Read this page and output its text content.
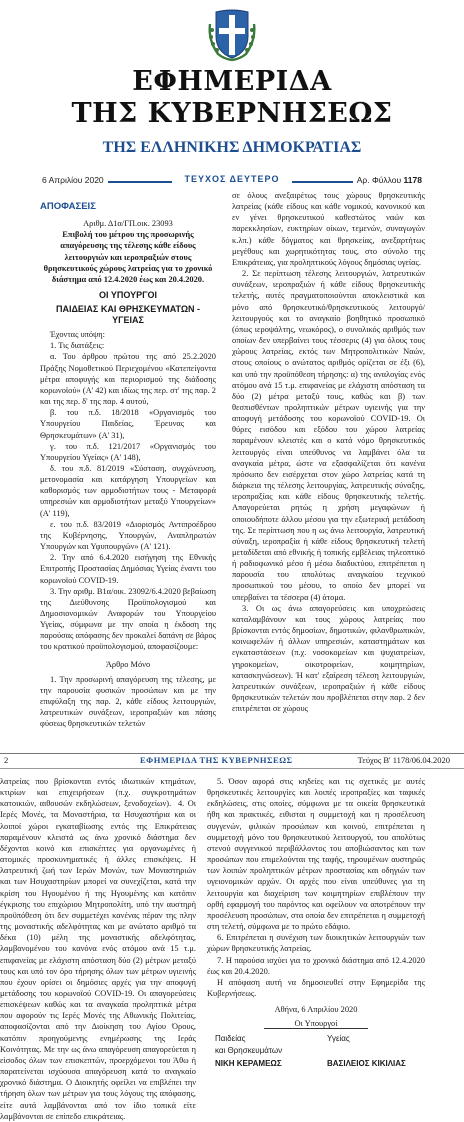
ΕΦΗΜΕΡΙΔΑ
ΤΗΣ ΚΥΒΕΡΝΗΣΕΩΣ
ΤΗΣ ΕΛΛΗΝΙΚΗΣ ΔΗΜΟΚΡΑΤΙΑΣ
6 Απριλίου 2020	ΤΕΥΧΟΣ ΔΕΥΤΕΡΟ	Αρ. Φύλλου 1178

ΑΠΟΦΑΣΕΙΣ

Αριθμ. Δ1α/ΓΠ.οικ. 23093

Επιβολή του μέτρου της προσωρινής απαγόρευσης της τέλεσης κάθε είδους λειτουργιών και ιεροπραξιών στους θρησκευτικούς χώρους λατρείας για το χρονικό διάστημα από 12.4.2020 έως και 20.4.2020.

ΟΙ ΥΠΟΥΡΓΟΙ

ΠΑΙΔΕΙΑΣ ΚΑΙ ΘΡΗΣΚΕΥΜΑΤΩΝ - ΥΓΕΙΑΣ

Έχοντας υπόψη:

1. Τις διατάξεις:

α. Του άρθρου πρώτου της από 25.2.2020 Πράξης Νομοθετικού Περιεχομένου «Κατεπείγοντα μέτρα αποφυγής και περιορισμού της διάδοσης κορωνοϊού» (Α' 42) και ιδίως της περ. στ' της παρ. 2 και της περ. δ' της παρ. 4 αυτού,

β. του π.δ. 18/2018 «Οργανισμός του Υπουργείου Παιδείας, Έρευνας και Θρησκευμάτων» (Α' 31),

γ. του π.δ. 121/2017 «Οργανισμός του Υπουργείου Υγείας» (Α' 148),

δ. του π.δ. 81/2019 «Σύσταση, συγχώνευση, μετονομασία και κατάργηση Υπουργείων και καθορισμός των αρμοδιοτήτων τους - Μεταφορά υπηρεσιών και αρμοδιοτήτων μεταξύ Υπουργείων» (Α' 119),

ε. του π.δ. 83/2019 «Διορισμός Αντιπροέδρου της Κυβέρνησης, Υπουργών, Αναπληρωτών Υπουργών και Υφυπουργών» (Α' 121).

2. Την από 6.4.2020 εισήγηση της Εθνικής Επιτροπής Προστασίας Δημόσιας Υγείας έναντι του κορωνοϊού COVID-19.

3. Την αριθμ. Β1α/οικ. 23092/6.4.2020 βεβαίωση της Διεύθυνσης Προϋπολογισμού και Δημοσιονομικών Αναφορών του Υπουργείου Υγείας, σύμφωνα με την οποία η έκδοση της παρούσας απόφασης δεν προκαλεί δαπάνη σε βάρος του κρατικού προϋπολογισμού, αποφασίζουμε:

Άρθρο Μόνο

1. Την προσωρινή απαγόρευση της τέλεσης, με την παρουσία φυσικών προσώπων και με την επιφύλαξη της παρ. 2, κάθε είδους λειτουργιών, λατρευτικών συνάξεων, ιεροπραξιών και πάσης φύσεως θρησκευτικών τελετών

σε όλους ανεξαιρέτως τους χώρους θρησκευτικής λατρείας (κάθε είδους και κάθε νομικού, κανονικού και εν γένει θρησκευτικού καθεστώτος ναών και παρεκκλησίων, ευκτηρίων οίκων, τεμενών, συναγωγών κ.λπ.) κάθε δόγματος και θρησκείας, ανεξαρτήτως μεγέθους και χωρητικότητας τους, στο σύνολο της Επικράτειας, για προληπτικούς λόγους δημόσιας υγείας.

2. Σε περίπτωση τέλεσης λειτουργιών, λατρευτικών συνάξεων, ιεροπραξιών ή κάθε είδους θρησκευτικής τελετής, αυτές πραγματοποιούνται αποκλειστικά και μόνο από θρησκευτικό/θρησκευτικούς λειτουργό/λειτουργούς και το αναγκαίο βοηθητικό προσωπικό (όπως ιεροψάλτης, νεωκόρος), ο συνολικός αριθμός των οποίων δεν υπερβαίνει τους τέσσερις (4) για όλους τους χώρους λατρείας, εκτός των Μητροπολιτικών Ναών, στους οποίους ο ανώτατος αριθμός ορίζεται σε έξι (6), και υπό την προϋπόθεση τήρησης: α) της αναλογίας ενός ατόμου ανά 15 τ.μ. επιφανείας με ελάχιστη απόσταση τα δύο (2) μέτρα μεταξύ τους, καθώς και β) των θεσπισθέντων προληπτικών μέτρων υγιεινής για την αποφυγή μετάδοσης του κορωνοϊού COVID-19. Οι θύρες εισόδου και εξόδου του χώρου λατρείας παραμένουν κλειστές και ο κατά νόμο θρησκευτικός λειτουργός είναι υπεύθυνος να λαμβάνει όλα τα αναγκαία μέτρα, ώστε να εξασφαλίζεται ότι κανένα πρόσωπο δεν εισέρχεται στον χώρο λατρείας κατά τη διάρκεια της τέλεσης λειτουργίας, λατρευτικής σύναξης, ιεροπραξίας και κάθε είδους θρησκευτικής τελετής. Απαγορεύεται ρητώς η χρήση μεγαφώνων ή οποιουδήποτε άλλου μέσου για την εξωτερική μετάδοση της. Σε περίπτωση που η ως άνω λειτουργία, λατρευτική σύναξη, ιεροπραξία ή κάθε είδους θρησκευτική τελετή μεταδίδεται από εθνικής ή τοπικής εμβέλειας τηλεοπτικό ή ραδιοφωνικό μέσο ή μέσω διαδικτύου, επιτρέπεται η παρουσία του απολύτως αναγκαίου τεχνικού προσωπικού του μέσου, το οποίο δεν μπορεί να υπερβαίνει τα τέσσερα (4) άτομα.

3. Οι ως άνω απαγορεύσεις και υποχρεώσεις καταλαμβάνουν και τους χώρους λατρείας που βρίσκονται εντός δημοσίων, δημοτικών, φιλανθρωπικών, κοινωφελών ή άλλων υπηρεσιών, καταστημάτων και εγκαταστάσεων (π.χ. νοσοκομείων και ψυχιατρείων, γηροκομείων, οικοτροφείων, κοιμητηρίων, κατασκηνώσεων). Ή κατ' εξαίρεση τέλεση λειτουργιών, λατρευτικών συνάξεων, ιεροπραξιών ή κάθε είδους θρησκευτικών τελετών που προβλέπεται στην παρ. 2 δεν επιτρέπεται σε χώρους

2	ΕΦΗΜΕΡΙΔΑ ΤΗΣ ΚΥΒΕΡΝΗΣΕΩΣ	Τεύχος Β' 1178/06.04.2020

λατρείας που βρίσκονται εντός ιδιωτικών κτημάτων, κτιρίων και επιχειρήσεων (π.χ. συγκροτημάτων κατοικιών, αιθουσών εκδηλώσεων, ξενοδοχείων).  4. Οι Ιερές Μονές, τα Μοναστήρια, τα Ησυχαστήρια και οι λοιποί χώροι εγκαταβίωσης εντός της Επικράτειας παραμένουν κλειστά ως άνω χρονικό διάστημα δεν δέχονται κοινό και επισκέπτες για οργανωμένες ή ατομικές προσκυνηματικές ή άλλες επισκέψεις. Η λατρευτική ζωή των Ιερών Μονών, των Μοναστηριών και των Ησυχαστηρίων μπορεί να συνεχίζεται, κατά την κρίση του Ηγουμένου ή της Ηγουμένης και κατόπιν έγκρισης του επιχώριου Μητροπολίτη, υπό την αυστηρή προϋπόθεση ότι δεν συμμετέχει κανένας πέραν της πλην της μοναστικής αδελφότητας και με ανώτατο αριθμό τα δέκα (10) μέλη της μοναστικής αδελφότητας, λαμβανομένου του κανόνα ενός ατόμου ανά 15 τ.μ. επιφανείας με ελάχιστη απόσταση δύο (2) μέτρων μεταξύ τους και υπό τον όρο τήρησης όλων των μέτρων υγιεινής που έχουν ορίσει οι δημόσιες αρχές για την αποφυγή μετάδοσης του κορωνοϊού COVID-19. Οι απαγορεύσεις επισκέψεων καθώς και τα αναγκαία προληπτικά μέτρα που αφορούν τις Ιερές Μονές της Αθωνικής Πολιτείας, αποφασίζονται από την Διοίκηση του Αγίου Όρους, κατόπιν προηγούμενης ενημέρωσης της Ιεράς Κοινότητας. Με την ως άνω απαγόρευση απαγορεύεται η είσοδος όλων των επισκεπτών, προερχόμενοι του Άθω ή παρατείνεται ισχύουσα απαγόρευση κατά το αναγκαίο χρονικό διάστημα. Ο Διοικητής οφείλει να επιβλέπει την τήρηση όλων των μέτρων για τους λόγους της απόφασης, είτε αυτά λαμβάνονται από τον ίδιο τοπικά είτε λαμβάνονται σε επίπεδο επικράτειας.

5. Όσον αφορά στις κηδείες και τις σχετικές με αυτές θρησκευτικές λειτουργίες και λοιπές ιεροπραξίες και ταφικές εκδηλώσεις, στις οποίες, σύμφωνα με τα οικεία θρησκευτικά ήθη και πρακτικές, ειθισται η συμμετοχή και η προσέλευση συγγενών, φιλικών προσώπων και κοινού, επιτρέπεται η συμμετοχή μόνο του θρησκευτικού λειτουργού, του απολύτως στενού συγγενικού περιβάλλοντος του αποβιώσαντος και των προσώπων που επιμελούνται της ταφής, τηρουμένων αυστηρώς των λοιπών προληπτικών μέτρων προστασίας και οδηγιών των υγειονομικών αρχών. Οι αρχές που είναι υπεύθυνες για τη λειτουργία και διαχείριση των κοιμητηρίων επιβλέπουν την ορθή εφαρμογή του παρόντος και οφείλουν να αποτρέπουν την προσέλευση προσώπων, στα οποία δεν επιτρέπεται η συμμετοχή στη τελετή, σύμφωνα με το πρώτο εδάφιο.

6. Επιτρέπεται η συνέχιση των διοικητικών λειτουργιών των χώρων θρησκευτικής λατρείας.

7. Η παρούσα ισχύει για το χρονικό διάστημα από 12.4.2020 έως και 20.4.2020.

Η απόφαση αυτή να δημοσιευθεί στην Εφημερίδα της Κυβερνήσεως.

Αθήνα, 6 Απριλίου 2020

Οι Υπουργοί

Παιδείας
και Θρησκευμάτων
ΝΙΚΗ ΚΕΡΑΜΕΩΣ
Υγείας

ΒΑΣΙΛΕΙΟΣ ΚΙΚΙΛΙΑΣ
